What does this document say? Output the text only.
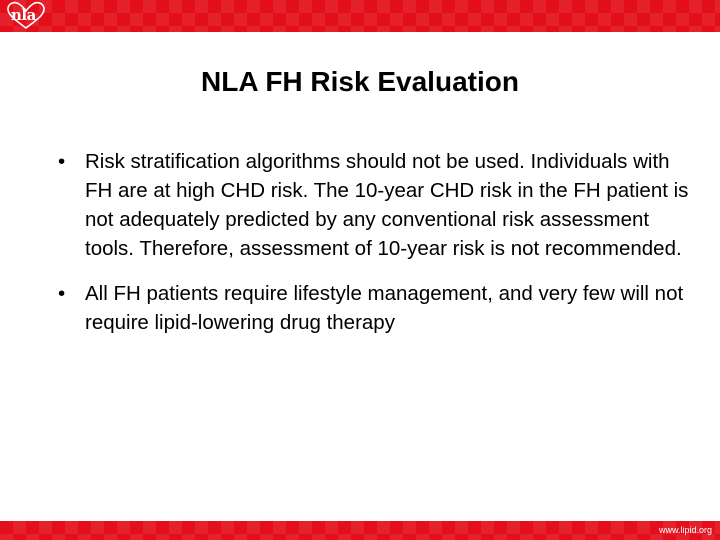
nla
NLA FH Risk Evaluation
• Risk stratification algorithms should not be used. Individuals with FH are at high CHD risk. The 10-year CHD risk in the FH patient is not adequately predicted by any conventional risk assessment tools. Therefore, assessment of 10-year risk is not recommended.
• All FH patients require lifestyle management, and very few will not require lipid-lowering drug therapy
www.lipid.org
